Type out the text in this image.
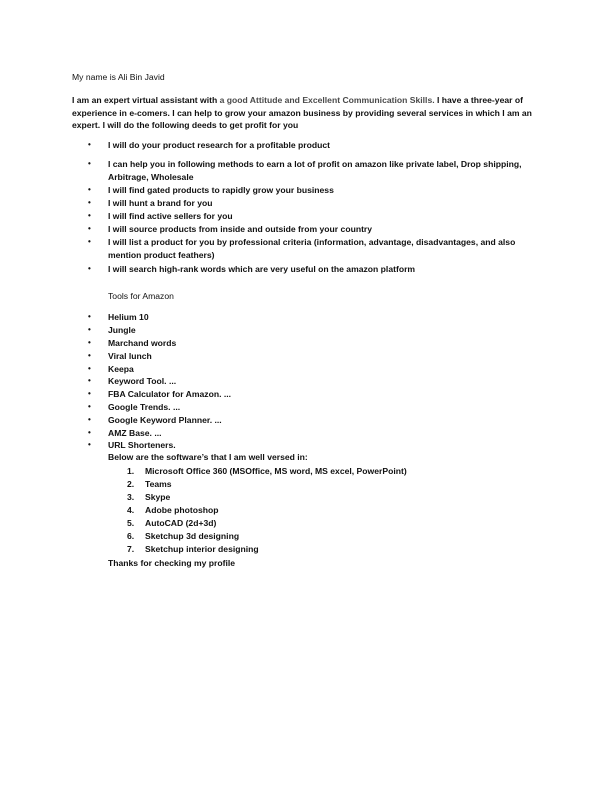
My name is Ali Bin Javid
I am an expert virtual assistant with a good Attitude and Excellent Communication Skills. I have a three-year of experience in e-comers. I can help to grow your amazon business by providing several services in which I am an expert. I will do the following deeds to get profit for you
•	I will do your product research for a profitable product
•	I can help you in following methods to earn a lot of profit on amazon like private label, Drop shipping, Arbitrage, Wholesale
•	I will find gated products to rapidly grow your business
•	I will hunt a brand for you
•	I will find active sellers for you
•	I will source products from inside and outside from your country
•	I will list a product for you by professional criteria (information, advantage, disadvantages, and also mention product feathers)
•	I will search high-rank words which are very useful on the amazon platform
Tools for Amazon
• Helium 10
• Jungle
• Marchand words
• Viral lunch
• Keepa
• Keyword Tool. ...
• FBA Calculator for Amazon. ...
• Google Trends. ...
• Google Keyword Planner. ...
• AMZ Base. ...
• URL Shorteners.
Below are the software’s that I am well versed in:
1. Microsoft Office 360 (MSOffice, MS word, MS excel, PowerPoint)
2. Teams
3. Skype
4. Adobe photoshop
5. AutoCAD (2d+3d)
6. Sketchup 3d designing
7. Sketchup interior designing
Thanks for checking my profile
